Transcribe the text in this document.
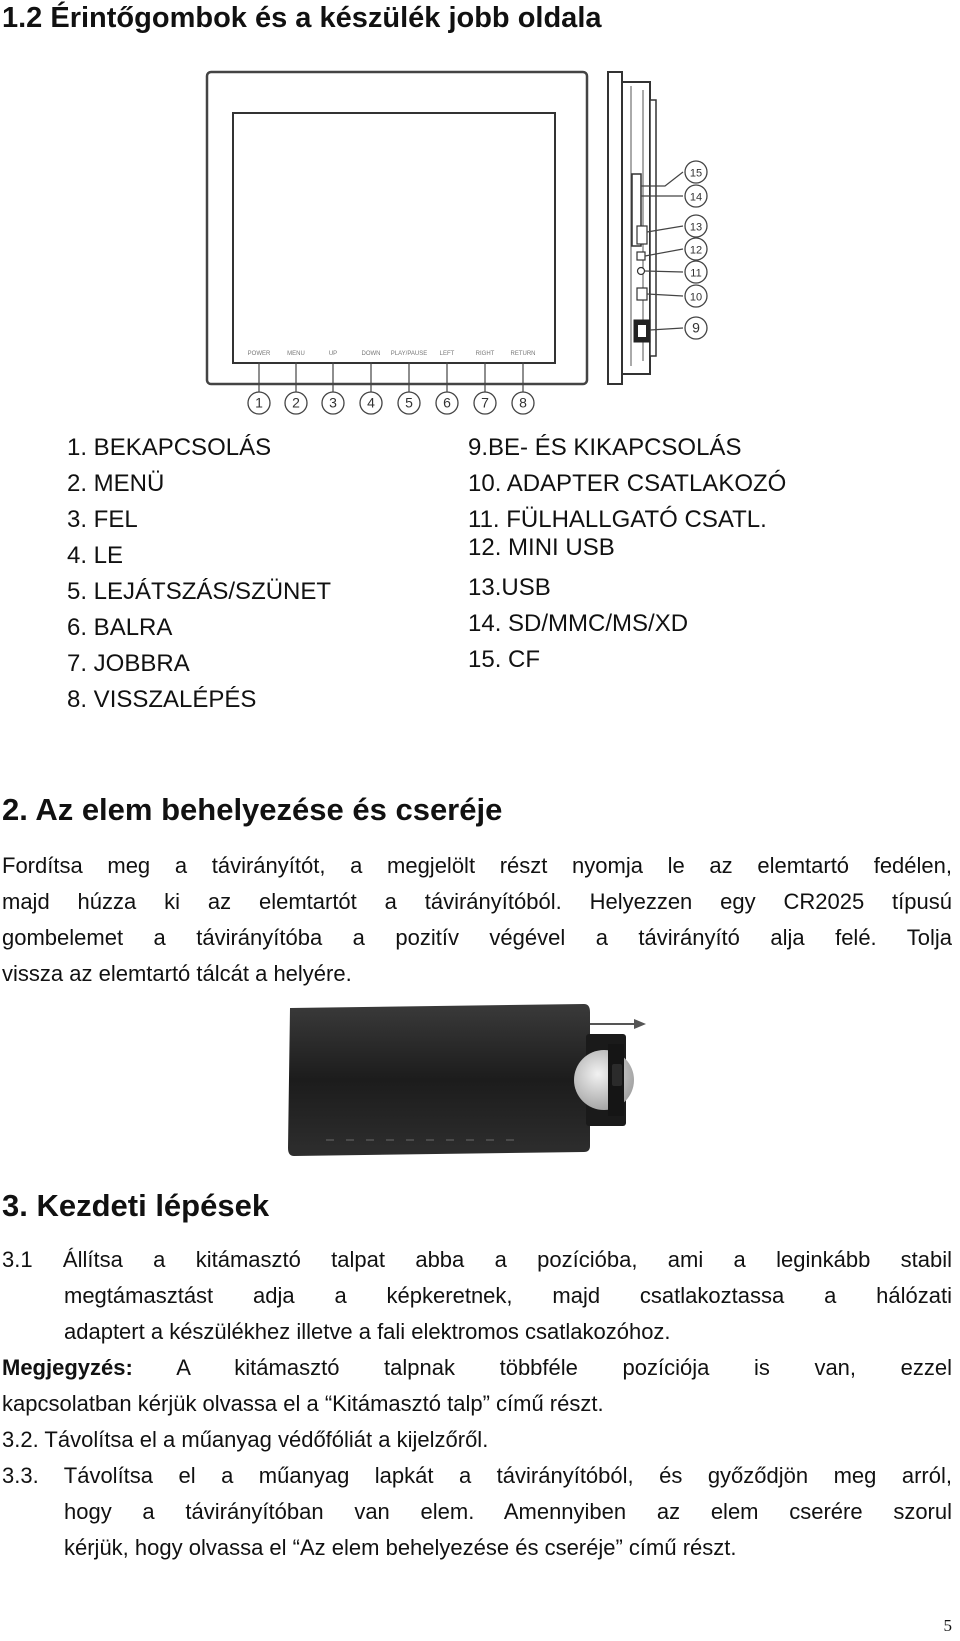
1.2 Érintőgombok és a készülék jobb oldala
POWER	MENU	UP	DOWN PLAY/PAUSE LEFT	RIGHT	RETURN
15
14
13
12
11
10
9
1 2 3 4 5 6 7 8
1. BEKAPCSOLÁS
2. MENÜ
3. FEL
4. LE
5. LEJÁTSZÁS/SZÜNET
6. BALRA
7. JOBBRA
8. VISSZALÉPÉS
9.BE- ÉS KIKAPCSOLÁS
10. ADAPTER CSATLAKOZÓ
11. FÜLHALLGATÓ CSATL.
12. MINI USB
13.USB
14. SD/MMC/MS/XD
15. CF
2. Az elem behelyezése és cseréje
Fordítsa meg a távirányítót, a megjelölt részt nyomja le az elemtartó fedélen,
majd húzza ki az elemtartót a távirányítóból. Helyezzen egy CR2025 típusú
gombelemet a távirányítóba a pozitív végével a távirányító alja felé. Tolja
vissza az elemtartó tálcát a helyére.
3. Kezdeti lépések
3.1 Állítsa a kitámasztó talpat abba a pozícióba, ami a leginkább stabil
megtámasztást adja a képkeretnek, majd csatlakoztassa a hálózati
adaptert a készülékhez illetve a fali elektromos csatlakozóhoz.
Megjegyzés: A kitámasztó talpnak többféle pozíciója is van, ezzel
kapcsolatban kérjük olvassa el a “Kitámasztó talp” című részt.
3.2. Távolítsa el a műanyag védőfóliát a kijelzőről.
3.3. Távolítsa el a műanyag lapkát a távirányítóból, és győződjön meg arról,
hogy a távirányítóban van elem. Amennyiben az elem cserére szorul
kérjük, hogy olvassa el “Az elem behelyezése és cseréje” című részt.
5
